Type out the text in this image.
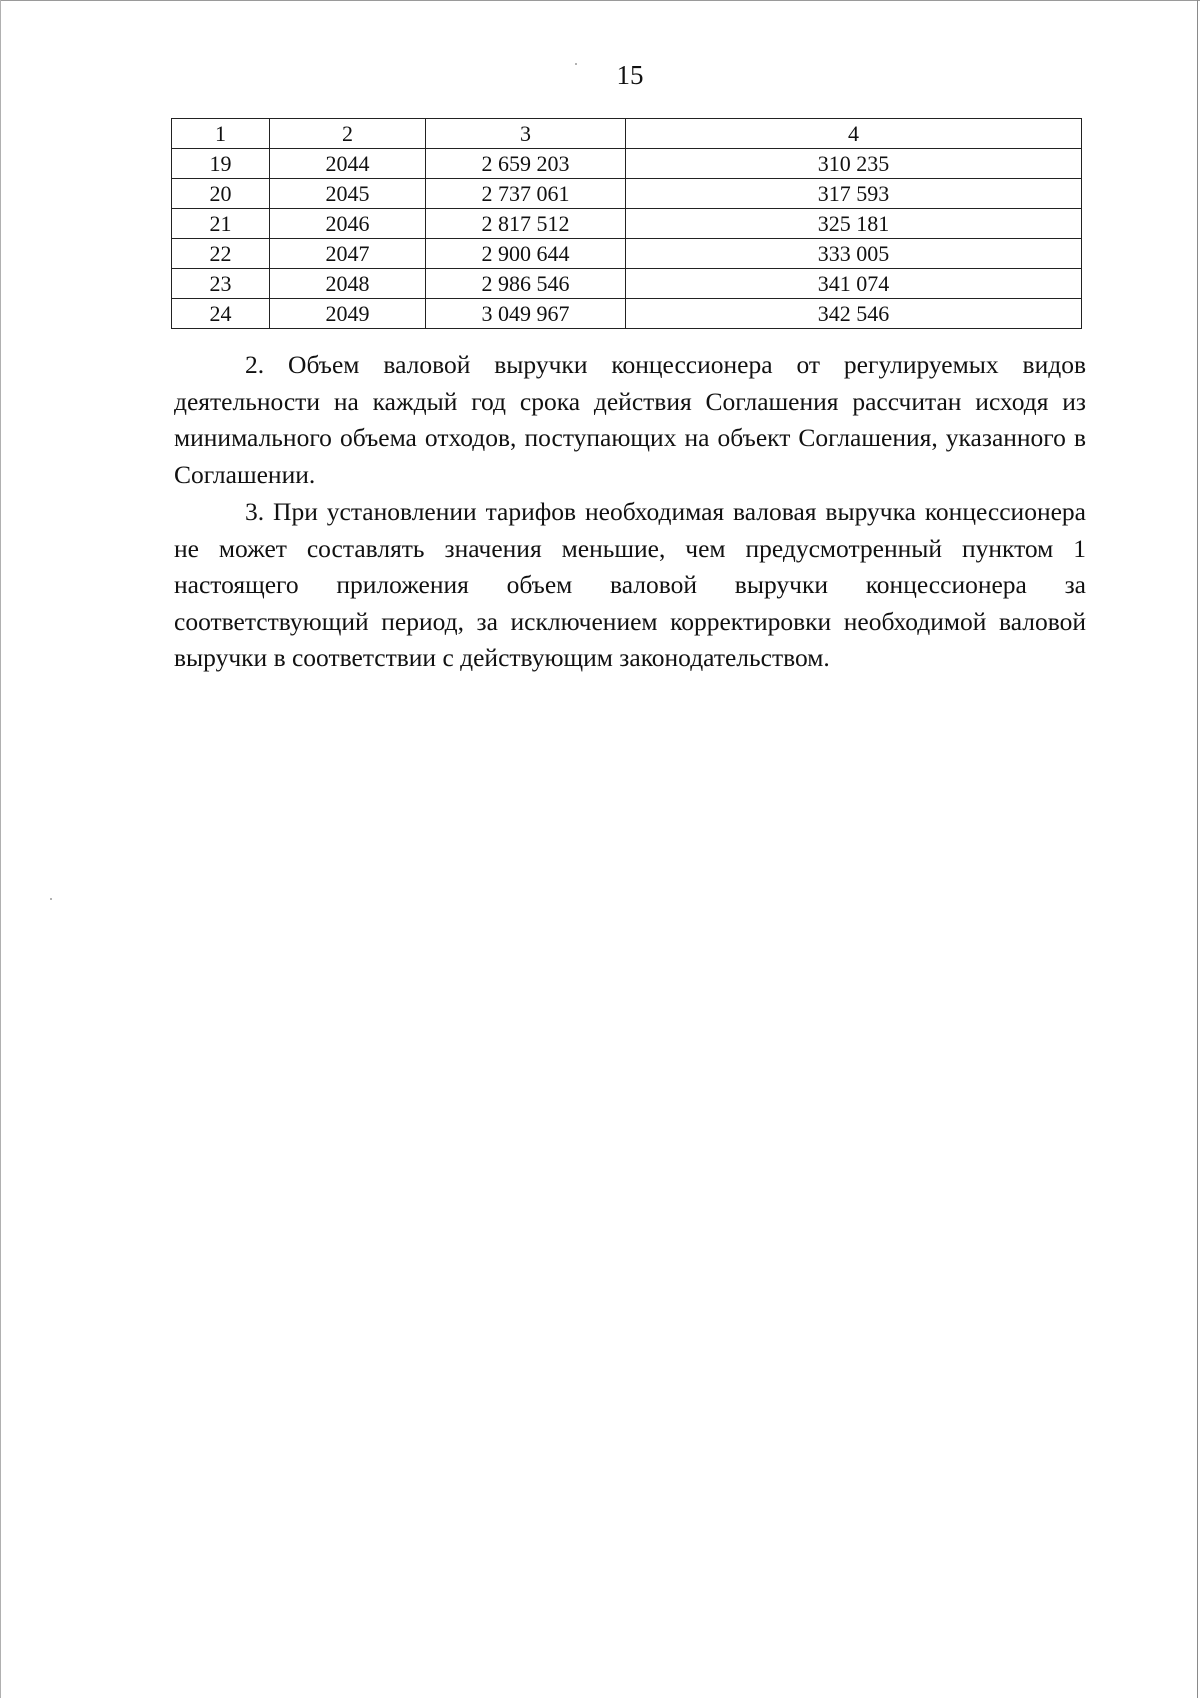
15
1	2	3	4
19	2044	2 659 203	310 235
20	2045	2 737 061	317 593
21	2046	2 817 512	325 181
22	2047	2 900 644	333 005
23	2048	2 986 546	341 074
24	2049	3 049 967	342 546

2. Объем валовой выручки концессионера от регулируемых видов деятельности на каждый год срока действия Соглашения рассчитан исходя из минимального объема отходов, поступающих на объект Соглашения, указанного в Соглашении.

3. При установлении тарифов необходимая валовая выручка концессионера не может составлять значения меньшие, чем предусмотренный пунктом 1 настоящего приложения объем валовой выручки концессионера за соответствующий период, за исключением корректировки необходимой валовой выручки в соответствии с действующим законодательством.
